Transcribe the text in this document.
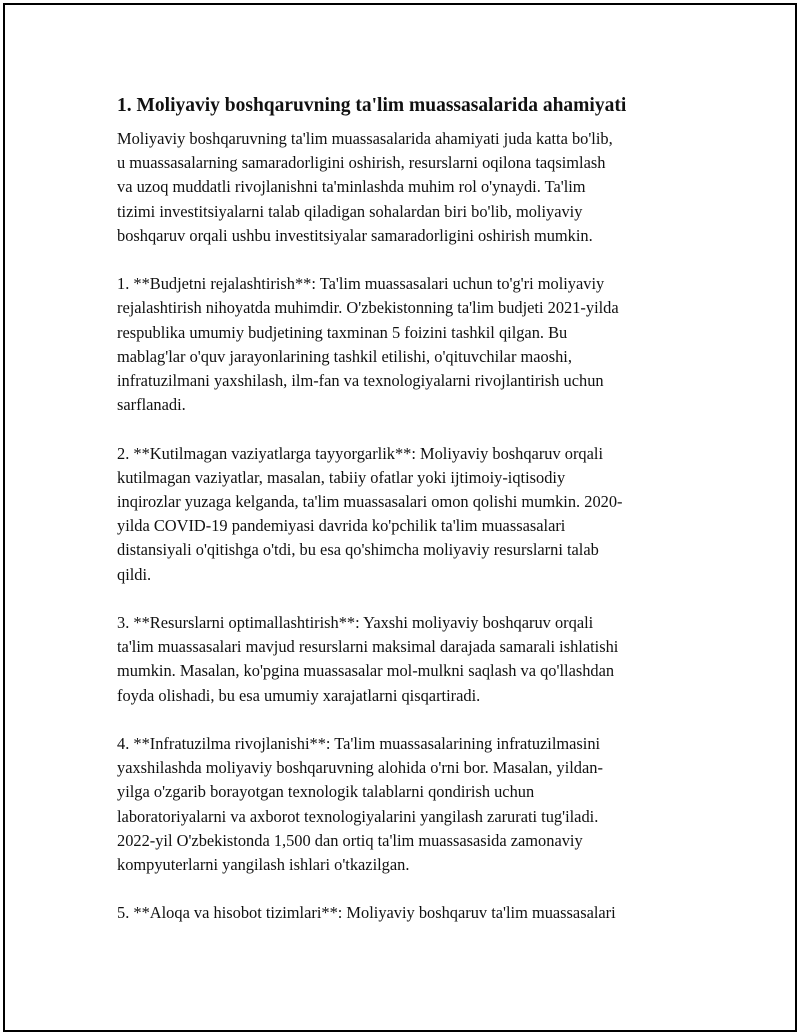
1. Moliyaviy boshqaruvning ta'lim muassasalarida ahamiyati

Moliyaviy boshqaruvning ta'lim muassasalarida ahamiyati juda katta bo'lib,
u muassasalarning samaradorligini oshirish, resurslarni oqilona taqsimlash
va uzoq muddatli rivojlanishni ta'minlashda muhim rol o'ynaydi. Ta'lim
tizimi investitsiyalarni talab qiladigan sohalardan biri bo'lib, moliyaviy
boshqaruv orqali ushbu investitsiyalar samaradorligini oshirish mumkin.

1. **Budjetni rejalashtirish**: Ta'lim muassasalari uchun to'g'ri moliyaviy
rejalashtirish nihoyatda muhimdir. O'zbekistonning ta'lim budjeti 2021-yilda
respublika umumiy budjetining taxminan 5 foizini tashkil qilgan. Bu
mablag'lar o'quv jarayonlarining tashkil etilishi, o'qituvchilar maoshi,
infratuzilmani yaxshilash, ilm-fan va texnologiyalarni rivojlantirish uchun
sarflanadi.

2. **Kutilmagan vaziyatlarga tayyorgarlik**: Moliyaviy boshqaruv orqali
kutilmagan vaziyatlar, masalan, tabiiy ofatlar yoki ijtimoiy-iqtisodiy
inqirozlar yuzaga kelganda, ta'lim muassasalari omon qolishi mumkin. 2020-
yilda COVID-19 pandemiyasi davrida ko'pchilik ta'lim muassasalari
distansiyali o'qitishga o'tdi, bu esa qo'shimcha moliyaviy resurslarni talab
qildi.

3. **Resurslarni optimallashtirish**: Yaxshi moliyaviy boshqaruv orqali
ta'lim muassasalari mavjud resurslarni maksimal darajada samarali ishlatishi
mumkin. Masalan, ko'pgina muassasalar mol-mulkni saqlash va qo'llashdan
foyda olishadi, bu esa umumiy xarajatlarni qisqartiradi.

4. **Infratuzilma rivojlanishi**: Ta'lim muassasalarining infratuzilmasini
yaxshilashda moliyaviy boshqaruvning alohida o'rni bor. Masalan, yildan-
yilga o'zgarib borayotgan texnologik talablarni qondirish uchun
laboratoriyalarni va axborot texnologiyalarini yangilash zarurati tug'iladi.
2022-yil O'zbekistonda 1,500 dan ortiq ta'lim muassasasida zamonaviy
kompyuterlarni yangilash ishlari o'tkazilgan.

5. **Aloqa va hisobot tizimlari**: Moliyaviy boshqaruv ta'lim muassasalari
